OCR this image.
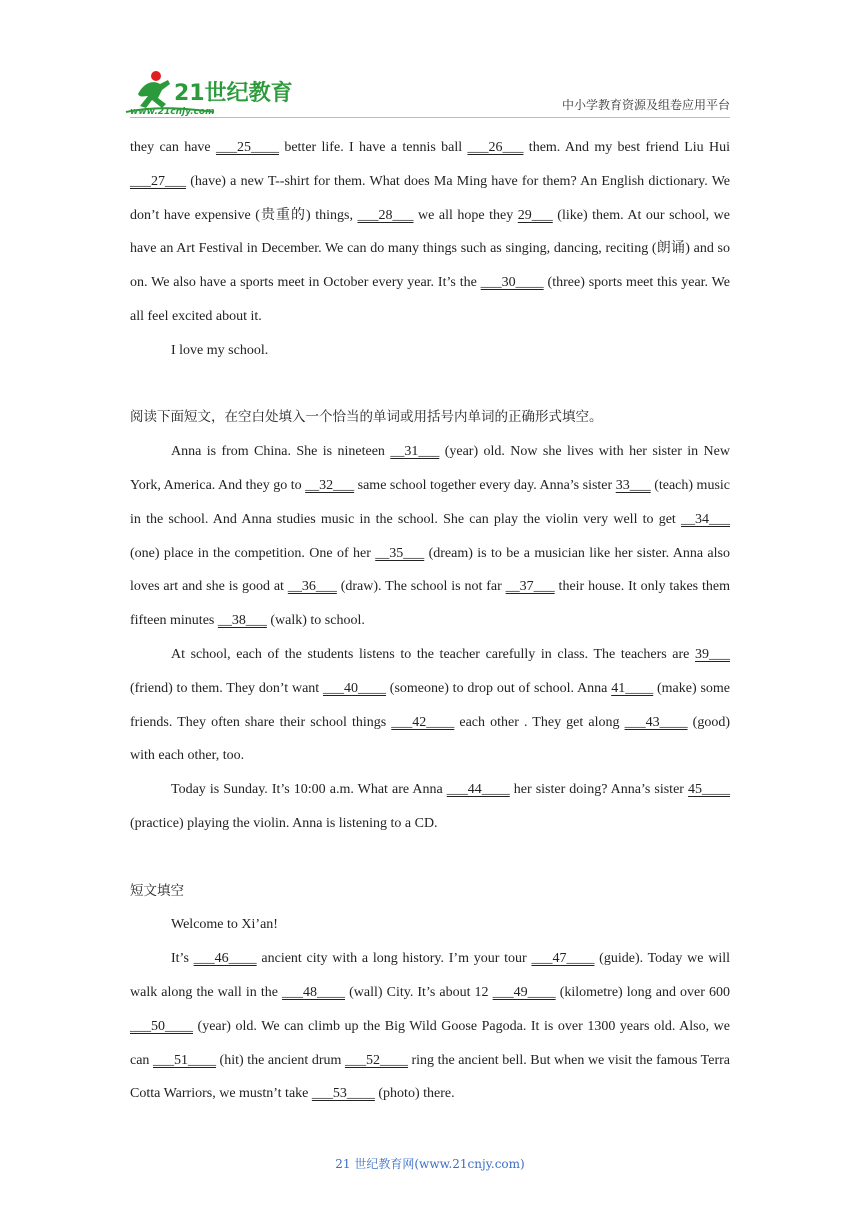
21世纪教育
www.21cnjy.com	中小学教育资源及组卷应用平台

they can have ___25____ better life. I have a tennis ball ___26___ them. And my best friend Liu Hui ___27___ (have) a new T--shirt for them. What does Ma Ming have for them? An English dictionary. We don’t have expensive (贵重的) things, ___28___ we all hope they 29___ (like) them. At our school, we have an Art Festival in December. We can do many things such as singing, dancing, reciting (朗诵) and so on. We also have a sports meet in October every year. It’s the ___30____ (three) sports meet this year. We all feel excited about it.

I love my school.

阅读下面短文，在空白处填入一个恰当的单词或用括号内单词的正确形式填空。

Anna is from China. She is nineteen __31___ (year) old. Now she lives with her sister in New York, America. And they go to __32___ same school together every day. Anna’s sister 33___ (teach) music in the school. And Anna studies music in the school. She can play the violin very well to get __34___ (one) place in the competition. One of her __35___ (dream) is to be a musician like her sister. Anna also loves art and she is good at __36___ (draw). The school is not far __37___ their house. It only takes them fifteen minutes __38___ (walk) to school.

At school, each of the students listens to the teacher carefully in class. The teachers are 39___ (friend) to them. They don’t want ___40____ (someone) to drop out of school. Anna 41____ (make) some friends. They often share their school things ___42____ each other . They get along ___43____ (good) with each other, too.

Today is Sunday. It’s 10:00 a.m. What are Anna ___44____ her sister doing? Anna’s sister 45____ (practice) playing the violin. Anna is listening to a CD.

短文填空

Welcome to Xi’an!

It’s ___46____ ancient city with a long history. I’m your tour ___47____ (guide). Today we will walk along the wall in the ___48____ (wall) City. It’s about 12 ___49____ (kilometre) long and over 600 ___50____ (year) old. We can climb up the Big Wild Goose Pagoda. It is over 1300 years old. Also, we can ___51____ (hit) the ancient drum ___52____ ring the ancient bell. But when we visit the famous Terra Cotta Warriors, we mustn’t take ___53____ (photo) there.

21 世纪教育网(www.21cnjy.com)
